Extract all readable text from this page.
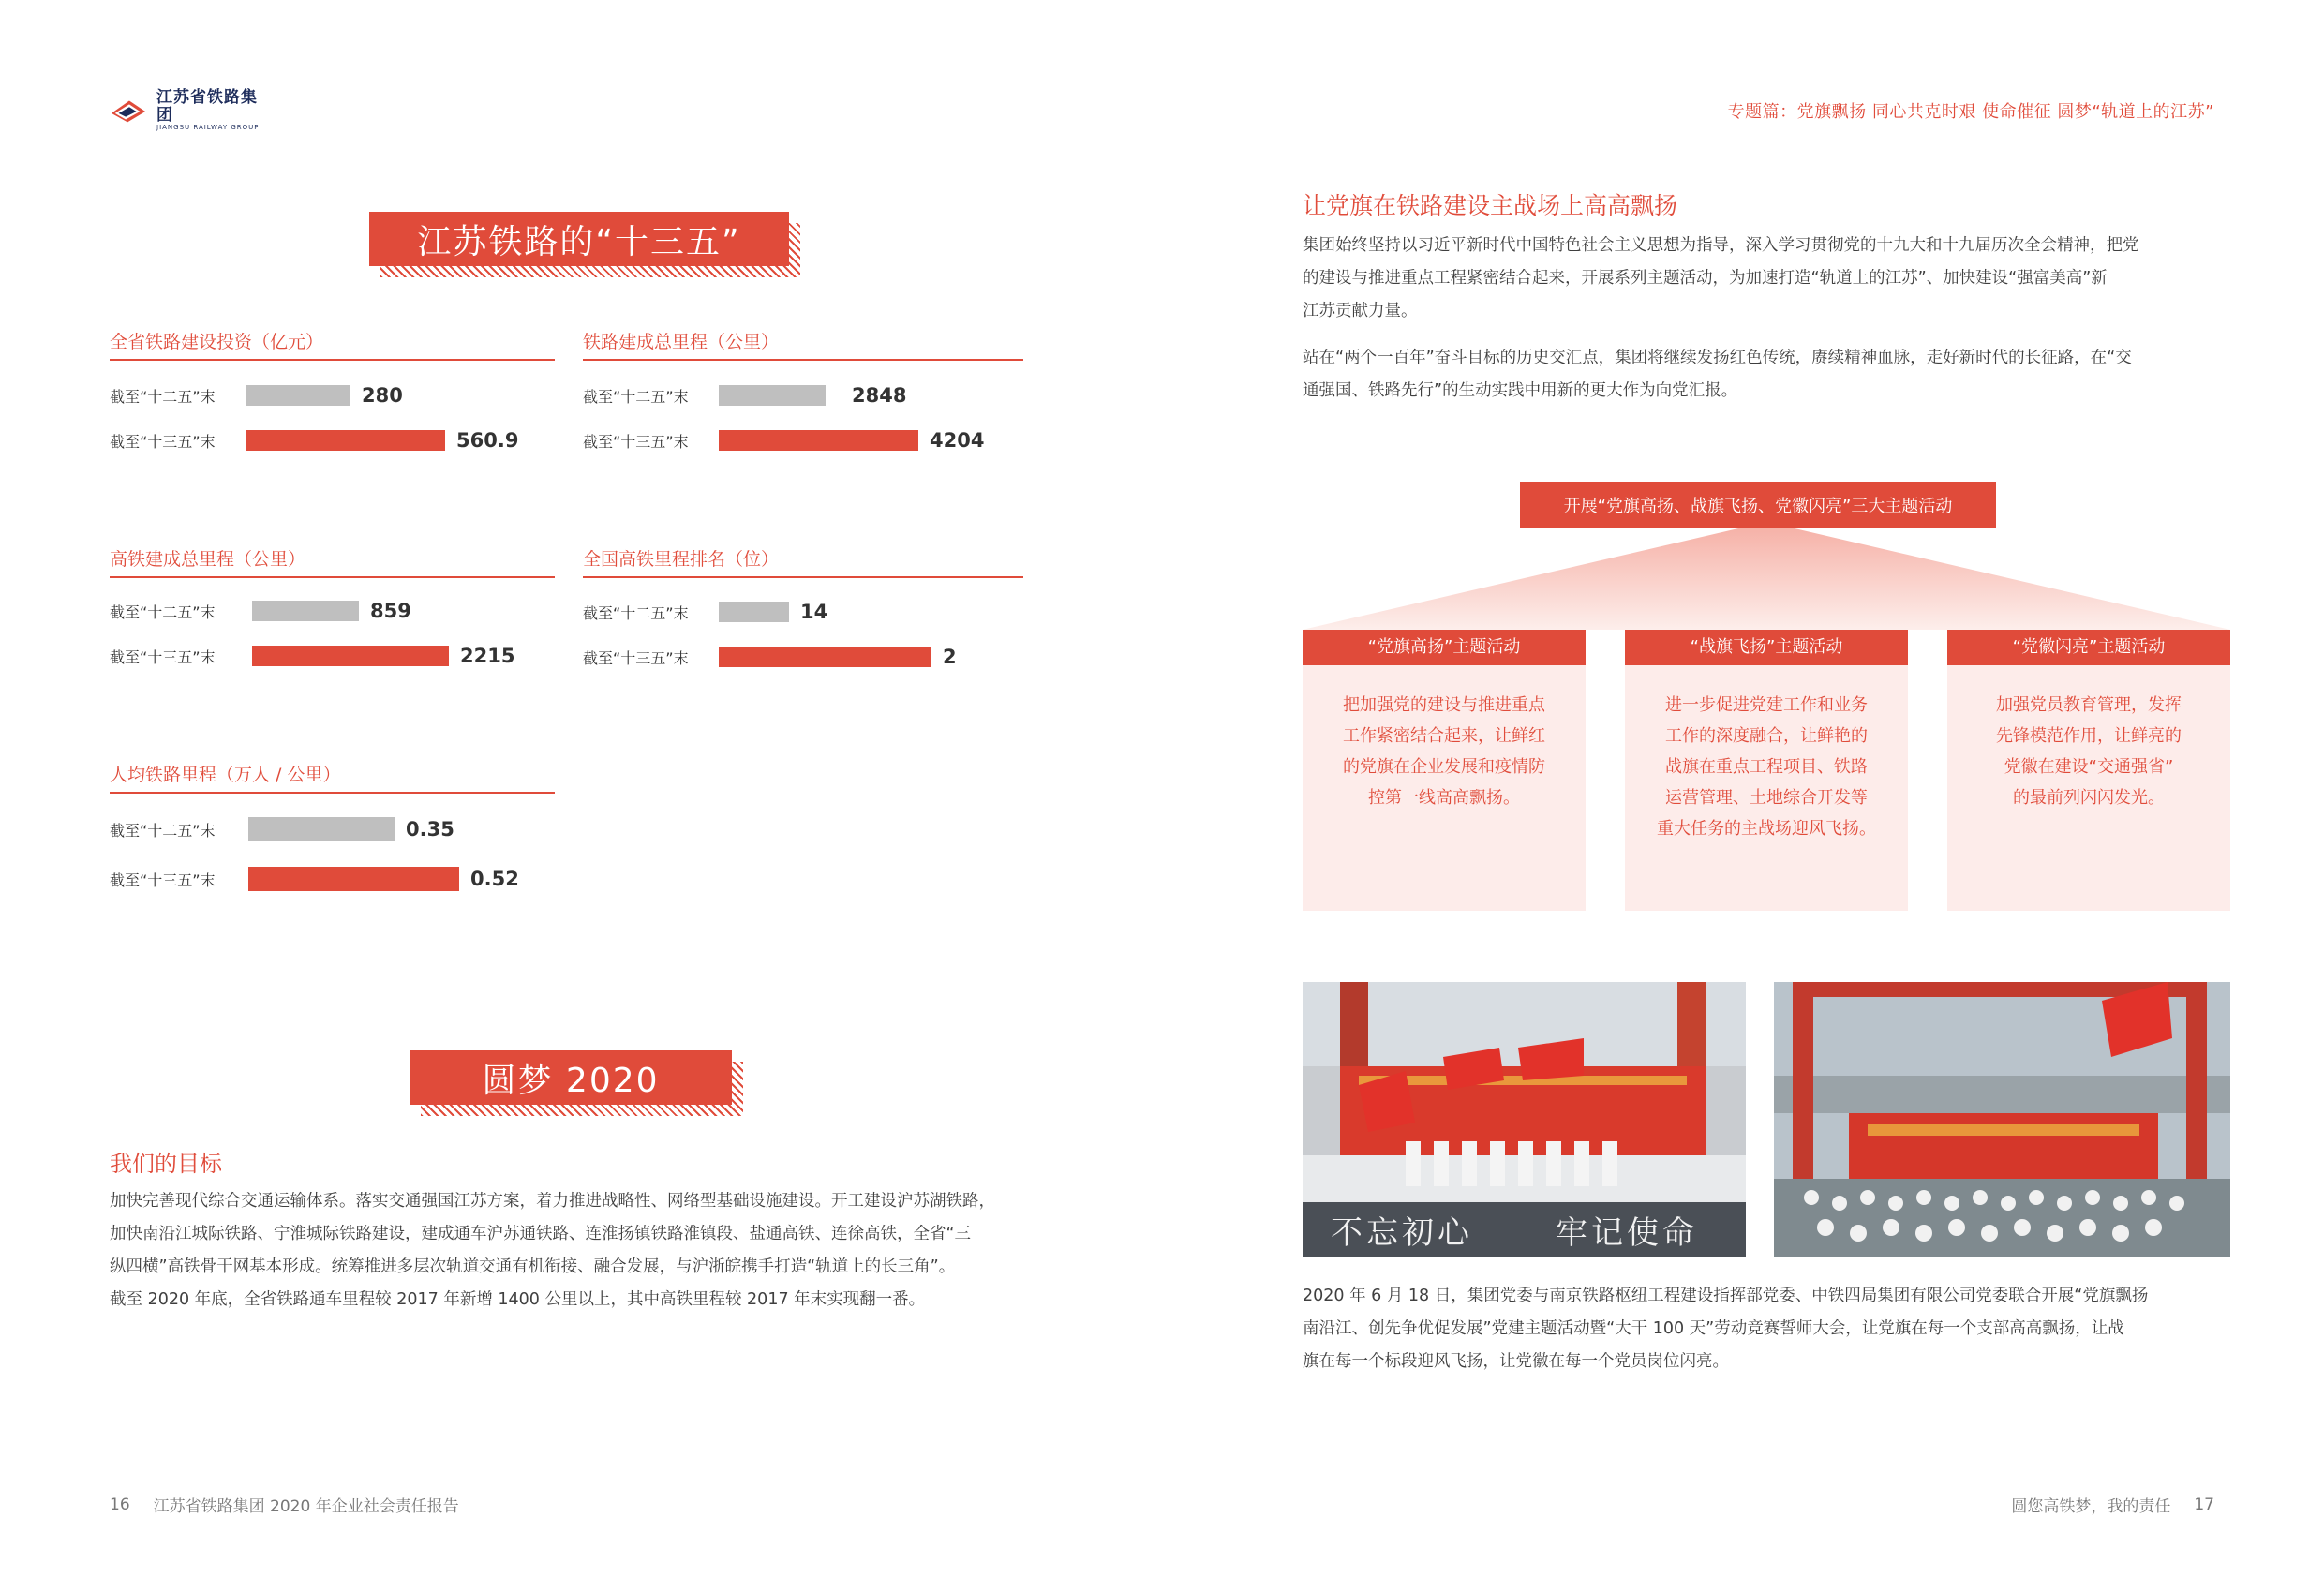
江苏省铁路集团
JIANGSU RAILWAY GROUP
专题篇：党旗飘扬 同心共克时艰 使命催征 圆梦“轨道上的江苏”
江苏铁路的“十三五”
全省铁路建设投资（亿元）
截至“十二五”末	280
截至“十三五”末	560.9
铁路建成总里程（公里）
截至“十二五”末	2848
截至“十三五”末	4204
高铁建成总里程（公里）
截至“十二五”末	859
截至“十三五”末	2215
全国高铁里程排名（位）
截至“十二五”末	14
截至“十三五”末	2
人均铁路里程（万人 / 公里）
截至“十二五”末	0.35
截至“十三五”末	0.52
圆梦 2020
我们的目标
加快完善现代综合交通运输体系。落实交通强国江苏方案，着力推进战略性、网络型基础设施建设。开工建设沪苏湖铁路，
加快南沿江城际铁路、宁淮城际铁路建设，建成通车沪苏通铁路、连淮扬镇铁路淮镇段、盐通高铁、连徐高铁，全省“三
纵四横”高铁骨干网基本形成。统筹推进多层次轨道交通有机衔接、融合发展，与沪浙皖携手打造“轨道上的长三角”。
截至 2020 年底，全省铁路通车里程较 2017 年新增 1400 公里以上，其中高铁里程较 2017 年末实现翻一番。
让党旗在铁路建设主战场上高高飘扬
集团始终坚持以习近平新时代中国特色社会主义思想为指导，深入学习贯彻党的十九大和十九届历次全会精神，把党
的建设与推进重点工程紧密结合起来，开展系列主题活动，为加速打造“轨道上的江苏”、加快建设“强富美高”新
江苏贡献力量。
站在“两个一百年”奋斗目标的历史交汇点，集团将继续发扬红色传统，赓续精神血脉，走好新时代的长征路，在“交
通强国、铁路先行”的生动实践中用新的更大作为向党汇报。
开展“党旗高扬、战旗飞扬、党徽闪亮”三大主题活动
“党旗高扬”主题活动
把加强党的建设与推进重点
工作紧密结合起来，让鲜红
的党旗在企业发展和疫情防
控第一线高高飘扬。
“战旗飞扬”主题活动
进一步促进党建工作和业务
工作的深度融合，让鲜艳的
战旗在重点工程项目、铁路
运营管理、土地综合开发等
重大任务的主战场迎风飞扬。
“党徽闪亮”主题活动
加强党员教育管理，发挥
先锋模范作用，让鲜亮的
党徽在建设“交通强省”
的最前列闪闪发光。
不忘初心	牢记使命
2020 年 6 月 18 日，集团党委与南京铁路枢纽工程建设指挥部党委、中铁四局集团有限公司党委联合开展“党旗飘扬
南沿江、创先争优促发展”党建主题活动暨“大干 100 天”劳动竞赛誓师大会，让党旗在每一个支部高高飘扬，让战
旗在每一个标段迎风飞扬，让党徽在每一个党员岗位闪亮。
16 江苏省铁路集团 2020 年企业社会责任报告	圆您高铁梦，我的责任 17
